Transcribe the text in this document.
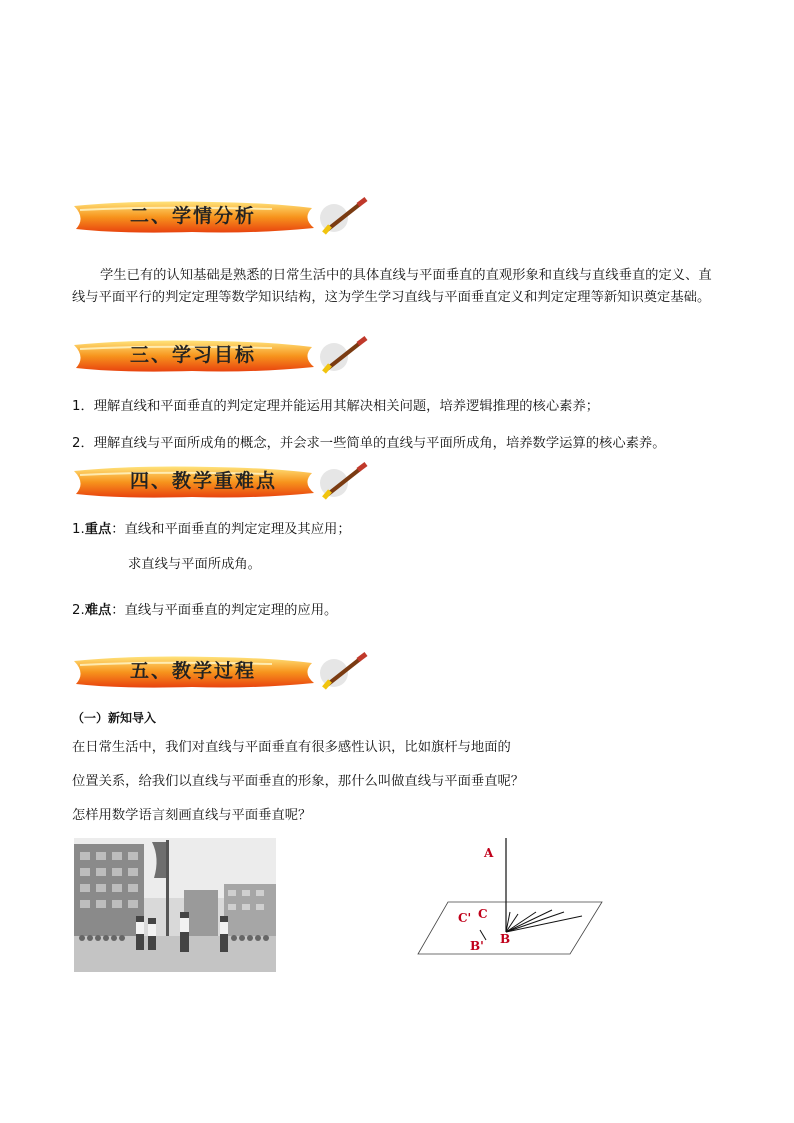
二、学情分析
学生已有的认知基础是熟悉的日常生活中的具体直线与平面垂直的直观形象和直线与直线垂直的定义、直线与平面平行的判定定理等数学知识结构，这为学生学习直线与平面垂直定义和判定定理等新知识奠定基础。
三、学习目标
1．理解直线和平面垂直的判定定理并能运用其解决相关问题，培养逻辑推理的核心素养；
2．理解直线与平面所成角的概念，并会求一些简单的直线与平面所成角，培养数学运算的核心素养。
四、教学重难点
1.重点：直线和平面垂直的判定定理及其应用；
求直线与平面所成角。
2.难点：直线与平面垂直的判定定理的应用。
五、教学过程
（一）新知导入
在日常生活中，我们对直线与平面垂直有很多感性认识，比如旗杆与地面的
位置关系，给我们以直线与平面垂直的形象，那什么叫做直线与平面垂直呢？
怎样用数学语言刻画直线与平面垂直呢？
A
B
C
C'
B'
